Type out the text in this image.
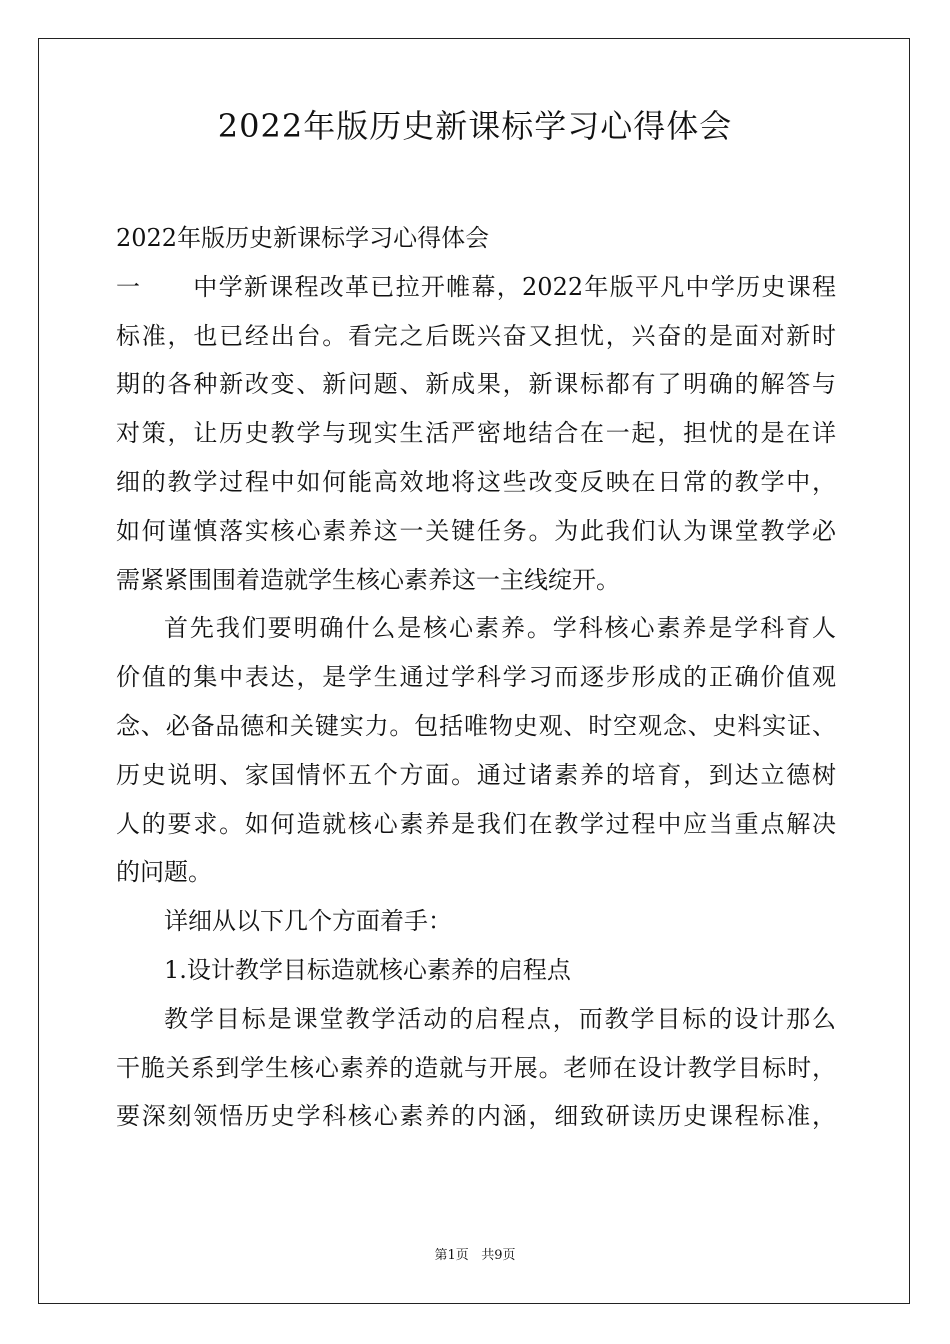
2022年版历史新课标学习心得体会

2022年版历史新课标学习心得体会

一 中学新课程改革已拉开帷幕，2022年版平凡中学历史课程
标准，也已经出台。看完之后既兴奋又担忧，兴奋的是面对新时
期的各种新改变、新问题、新成果，新课标都有了明确的解答与
对策，让历史教学与现实生活严密地结合在一起，担忧的是在详
细的教学过程中如何能高效地将这些改变反映在日常的教学中，
如何谨慎落实核心素养这一关键任务。为此我们认为课堂教学必
需紧紧围围着造就学生核心素养这一主线绽开。

首先我们要明确什么是核心素养。学科核心素养是学科育人
价值的集中表达，是学生通过学科学习而逐步形成的正确价值观
念、必备品德和关键实力。包括唯物史观、时空观念、史料实证、
历史说明、家国情怀五个方面。通过诸素养的培育，到达立德树
人的要求。如何造就核心素养是我们在教学过程中应当重点解决
的问题。

详细从以下几个方面着手：

1.设计教学目标造就核心素养的启程点

教学目标是课堂教学活动的启程点，而教学目标的设计那么
干脆关系到学生核心素养的造就与开展。老师在设计教学目标时，
要深刻领悟历史学科核心素养的内涵，细致研读历史课程标准，

第1页 共9页
